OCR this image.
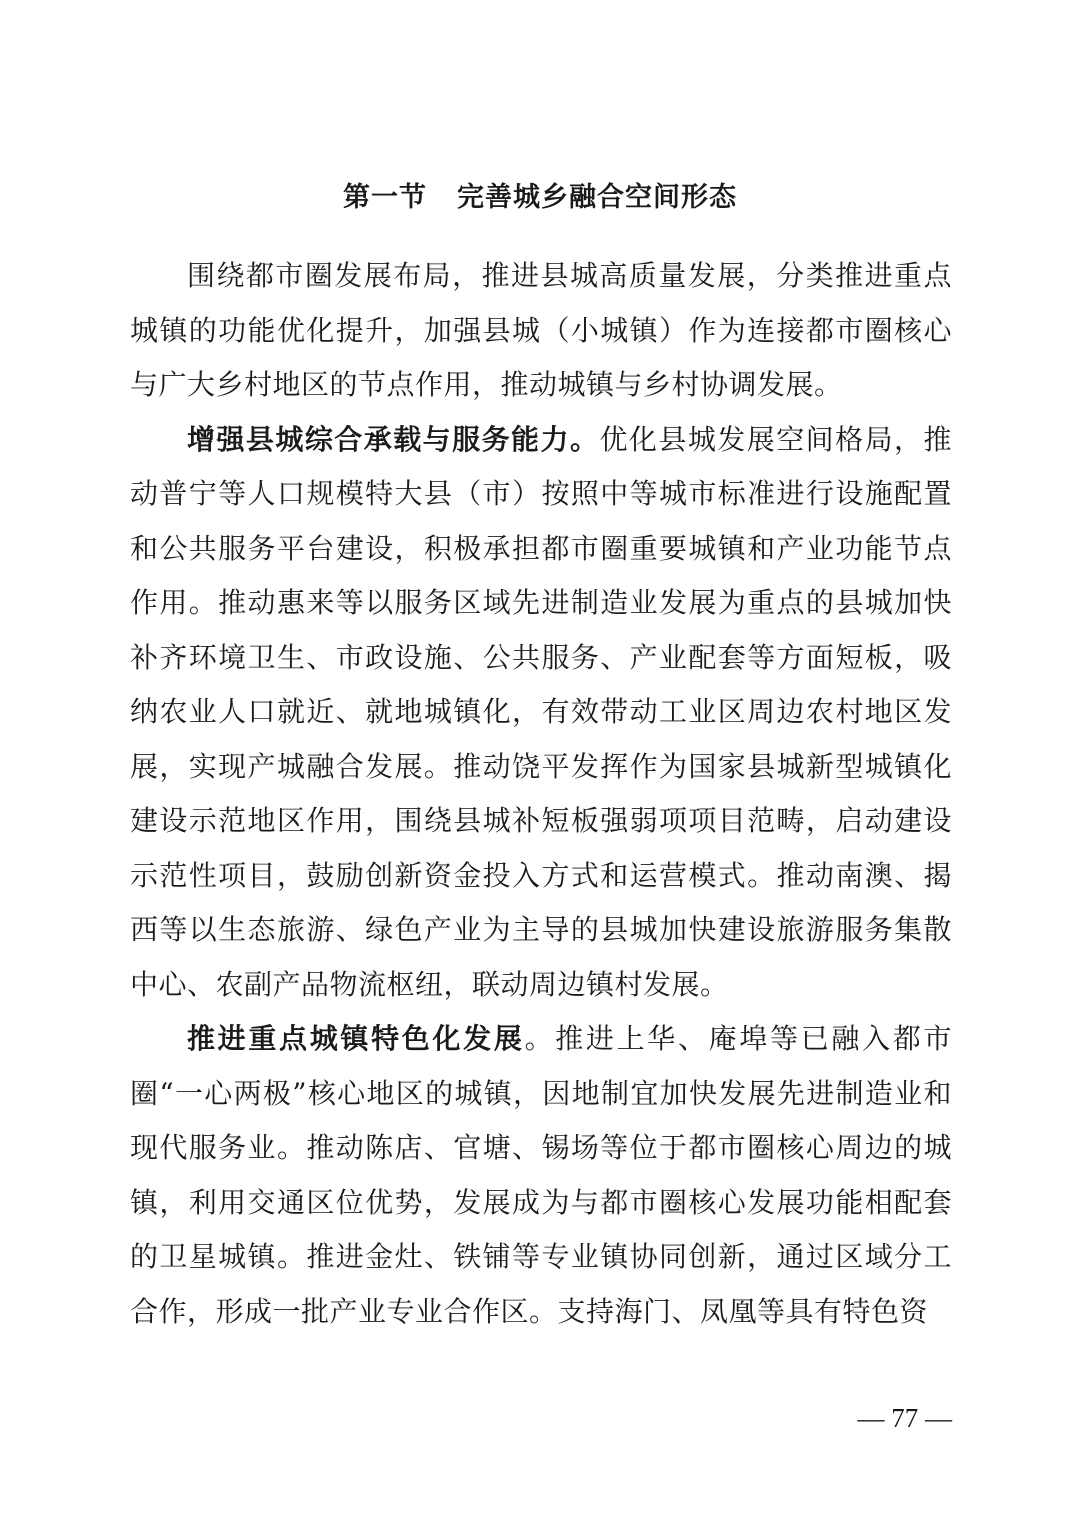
第一节 完善城乡融合空间形态

围绕都市圈发展布局，推进县城高质量发展，分类推进重点城镇的功能优化提升，加强县城（小城镇）作为连接都市圈核心与广大乡村地区的节点作用，推动城镇与乡村协调发展。

增强县城综合承载与服务能力。优化县城发展空间格局，推动普宁等人口规模特大县（市）按照中等城市标准进行设施配置和公共服务平台建设，积极承担都市圈重要城镇和产业功能节点作用。推动惠来等以服务区域先进制造业发展为重点的县城加快补齐环境卫生、市政设施、公共服务、产业配套等方面短板，吸纳农业人口就近、就地城镇化，有效带动工业区周边农村地区发展，实现产城融合发展。推动饶平发挥作为国家县城新型城镇化建设示范地区作用，围绕县城补短板强弱项项目范畴，启动建设示范性项目，鼓励创新资金投入方式和运营模式。推动南澳、揭西等以生态旅游、绿色产业为主导的县城加快建设旅游服务集散中心、农副产品物流枢纽，联动周边镇村发展。

推进重点城镇特色化发展。推进上华、庵埠等已融入都市圈“一心两极”核心地区的城镇，因地制宜加快发展先进制造业和现代服务业。推动陈店、官塘、锡场等位于都市圈核心周边的城镇，利用交通区位优势，发展成为与都市圈核心发展功能相配套的卫星城镇。推进金灶、铁铺等专业镇协同创新，通过区域分工合作，形成一批产业专业合作区。支持海门、凤凰等具有特色资

— 77 —
